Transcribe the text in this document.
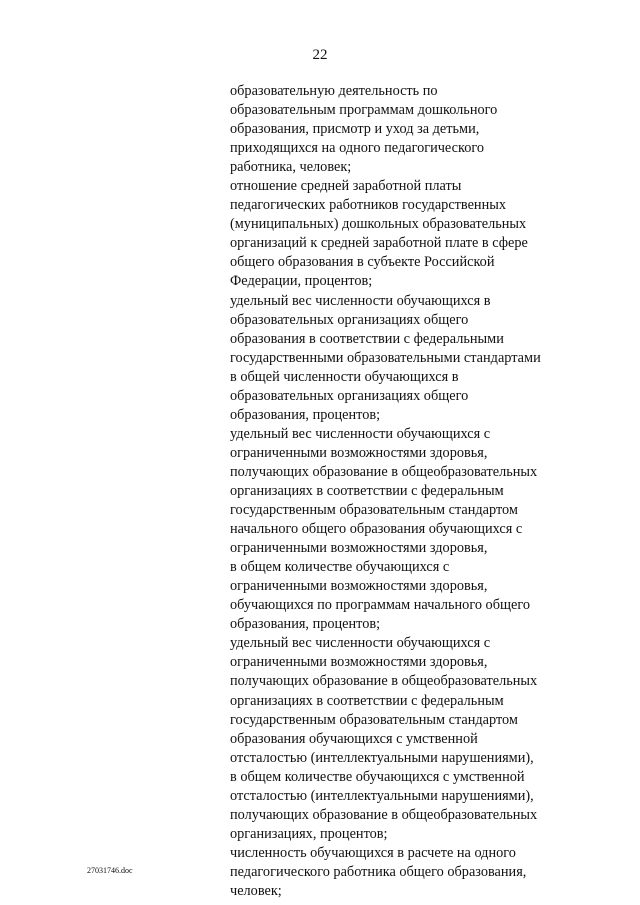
22
образовательную деятельность по
образовательным программам дошкольного
образования, присмотр и уход за детьми,
приходящихся на одного педагогического
работника, человек;
отношение средней заработной платы
педагогических работников государственных
(муниципальных) дошкольных образовательных
организаций к средней заработной плате в сфере
общего образования в субъекте Российской
Федерации, процентов;
удельный вес численности обучающихся в
образовательных организациях общего
образования в соответствии с федеральными
государственными образовательными стандартами
в общей численности обучающихся в
образовательных организациях общего
образования, процентов;
удельный вес численности обучающихся с
ограниченными возможностями здоровья,
получающих образование в общеобразовательных
организациях в соответствии с федеральным
государственным образовательным стандартом
начального общего образования обучающихся с
ограниченными возможностями здоровья,
в общем количестве обучающихся с
ограниченными возможностями здоровья,
обучающихся по программам начального общего
образования, процентов;
удельный вес численности обучающихся с
ограниченными возможностями здоровья,
получающих образование в общеобразовательных
организациях в соответствии с федеральным
государственным образовательным стандартом
образования обучающихся с умственной
отсталостью (интеллектуальными нарушениями),
в общем количестве обучающихся с умственной
отсталостью (интеллектуальными нарушениями),
получающих образование в общеобразовательных
организациях, процентов;
численность обучающихся в расчете на одного
педагогического работника общего образования,
человек;
27031746.doc
